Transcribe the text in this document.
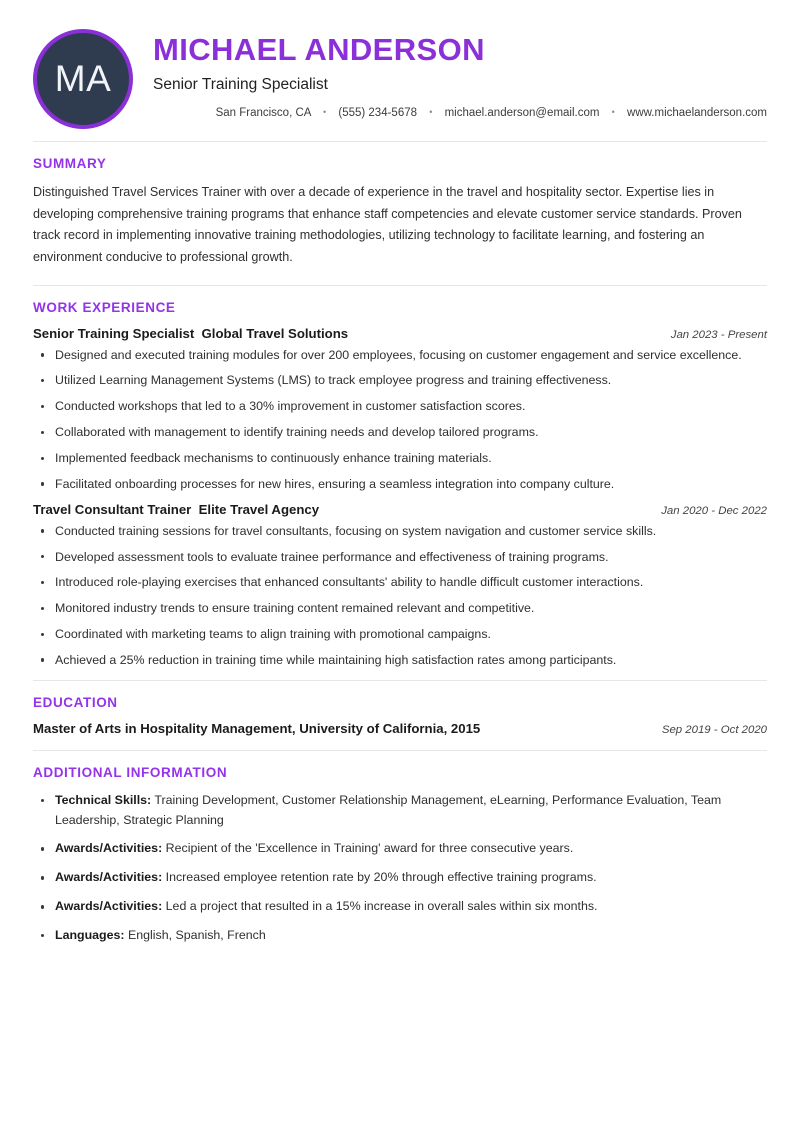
MA
MICHAEL ANDERSON
Senior Training Specialist
San Francisco, CA • (555) 234-5678 • michael.anderson@email.com • www.michaelanderson.com
SUMMARY

Distinguished Travel Services Trainer with over a decade of experience in the travel and hospitality sector. Expertise lies in developing comprehensive training programs that enhance staff competencies and elevate customer service standards. Proven track record in implementing innovative training methodologies, utilizing technology to facilitate learning, and fostering an environment conducive to professional growth.

WORK EXPERIENCE
Senior Training Specialist  Global Travel Solutions	Jan 2023 - Present
Designed and executed training modules for over 200 employees, focusing on customer engagement and service excellence.
Utilized Learning Management Systems (LMS) to track employee progress and training effectiveness.
Conducted workshops that led to a 30% improvement in customer satisfaction scores.
Collaborated with management to identify training needs and develop tailored programs.
Implemented feedback mechanisms to continuously enhance training materials.
Facilitated onboarding processes for new hires, ensuring a seamless integration into company culture.
Travel Consultant Trainer  Elite Travel Agency	Jan 2020 - Dec 2022
Conducted training sessions for travel consultants, focusing on system navigation and customer service skills.
Developed assessment tools to evaluate trainee performance and effectiveness of training programs.
Introduced role-playing exercises that enhanced consultants' ability to handle difficult customer interactions.
Monitored industry trends to ensure training content remained relevant and competitive.
Coordinated with marketing teams to align training with promotional campaigns.
Achieved a 25% reduction in training time while maintaining high satisfaction rates among participants.
EDUCATION
Master of Arts in Hospitality Management, University of California, 2015	Sep 2019 - Oct 2020
ADDITIONAL INFORMATION
Technical Skills: Training Development, Customer Relationship Management, eLearning, Performance Evaluation, Team Leadership, Strategic Planning
Awards/Activities: Recipient of the 'Excellence in Training' award for three consecutive years.
Awards/Activities: Increased employee retention rate by 20% through effective training programs.
Awards/Activities: Led a project that resulted in a 15% increase in overall sales within six months.
Languages: English, Spanish, French
